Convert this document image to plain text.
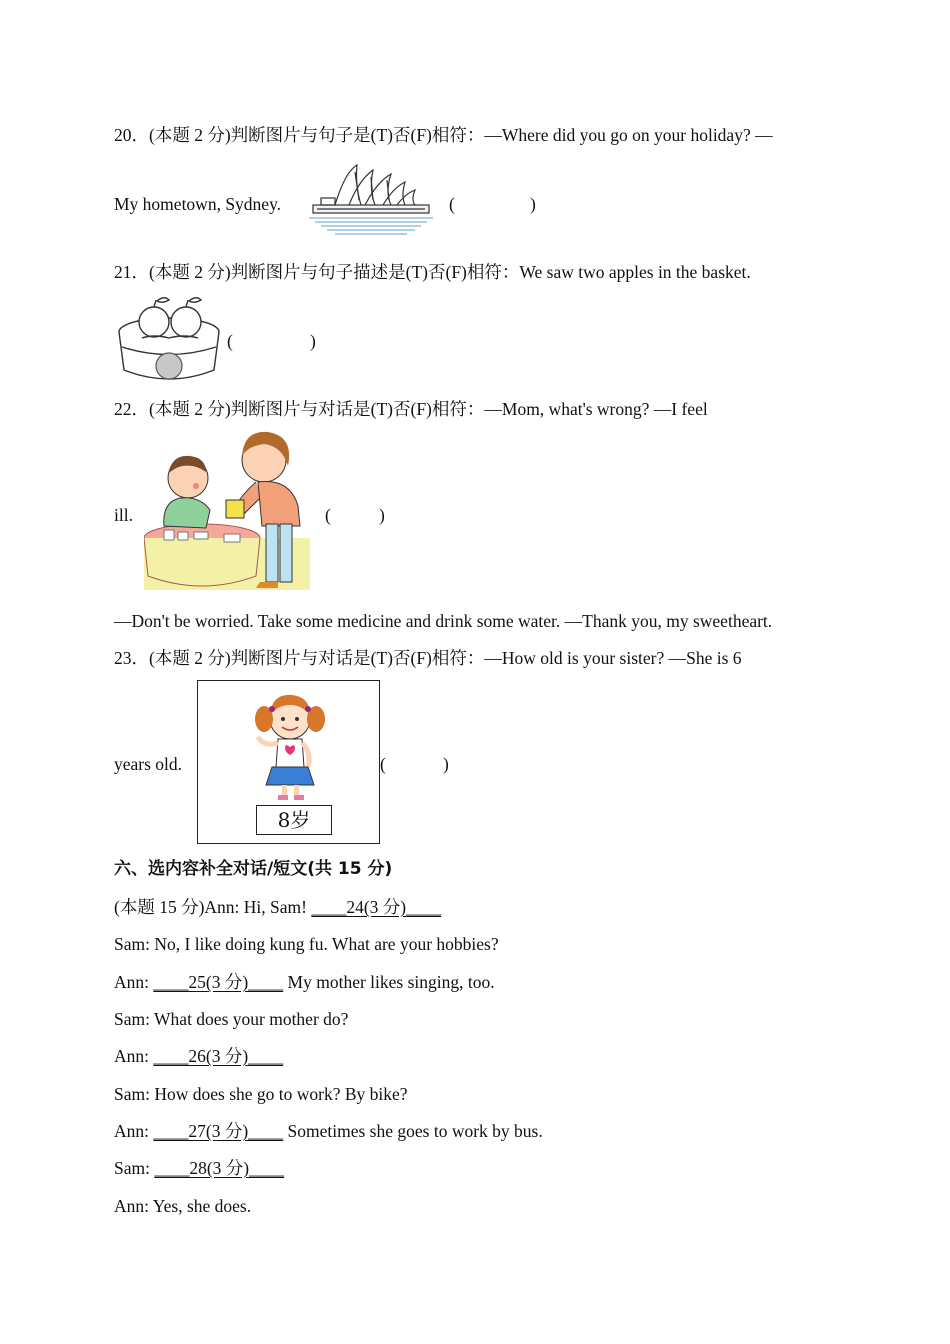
20．(本题 2 分)判断图片与句子是(T)否(F)相符：—Where did you go on your holiday? —
My hometown, Sydney.	(	)
21．(本题 2 分)判断图片与句子描述是(T)否(F)相符：We saw two apples in the basket.
(	)
22．(本题 2 分)判断图片与对话是(T)否(F)相符：—Mom, what's wrong? —I feel
ill.	(	)
—Don't be worried. Take some medicine and drink some water. —Thank you, my sweetheart.
23．(本题 2 分)判断图片与对话是(T)否(F)相符：—How old is your sister? —She is 6
years old.
8岁
(	)
六、选内容补全对话/短文(共 15 分)
(本题 15 分)Ann: Hi, Sam! ____24(3 分)____
Sam: No, I like doing kung fu. What are your hobbies?
Ann: ____25(3 分)____ My mother likes singing, too.
Sam: What does your mother do?
Ann: ____26(3 分)____
Sam: How does she go to work? By bike?
Ann: ____27(3 分)____ Sometimes she goes to work by bus.
Sam: ____28(3 分)____
Ann: Yes, she does.
